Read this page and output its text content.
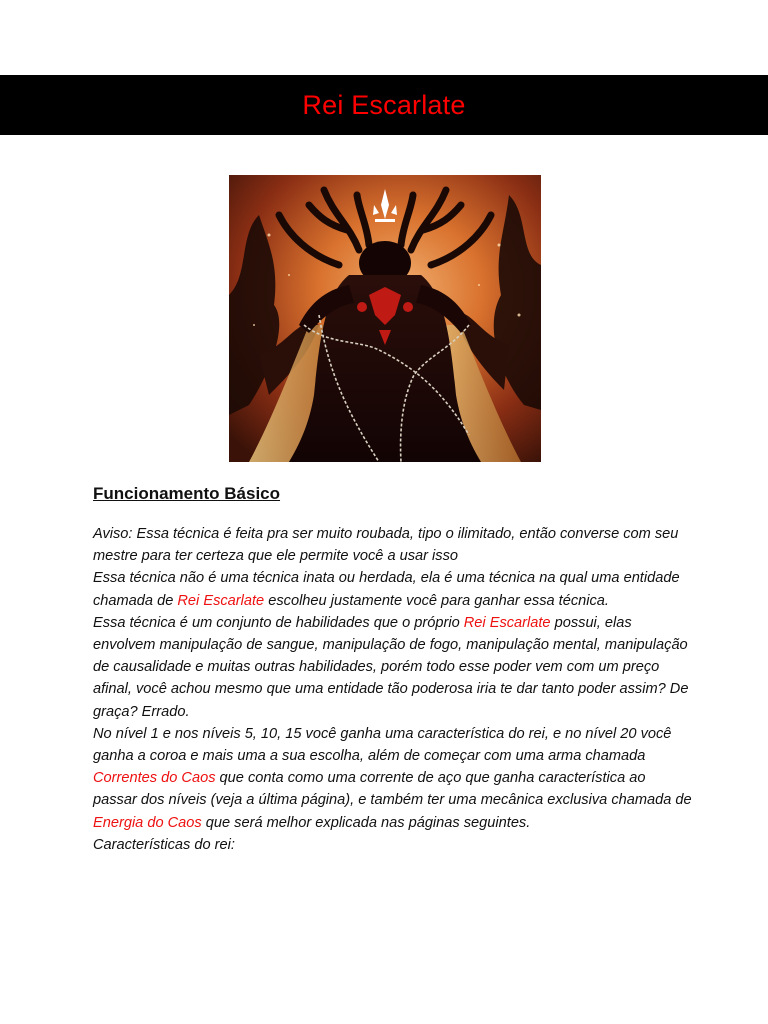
Rei Escarlate
Funcionamento Básico

Aviso: Essa técnica é feita pra ser muito roubada, tipo o ilimitado, então converse com seu mestre para ter certeza que ele permite você a usar isso

Essa técnica não é uma técnica inata ou herdada, ela é uma técnica na qual uma entidade chamada de Rei Escarlate escolheu justamente você para ganhar essa técnica.

Essa técnica é um conjunto de habilidades que o próprio Rei Escarlate possui, elas envolvem manipulação de sangue, manipulação de fogo, manipulação mental, manipulação de causalidade e muitas outras habilidades, porém todo esse poder vem com um preço afinal, você achou mesmo que uma entidade tão poderosa iria te dar tanto poder assim? De graça? Errado.

No nível 1 e nos níveis 5, 10, 15 você ganha uma característica do rei, e no nível 20 você ganha a coroa e mais uma a sua escolha, além de começar com uma arma chamada Correntes do Caos que conta como uma corrente de aço que ganha característica ao passar dos níveis (veja a última página), e também ter uma mecânica exclusiva chamada de Energia do Caos que será melhor explicada nas páginas seguintes.

Características do rei:
